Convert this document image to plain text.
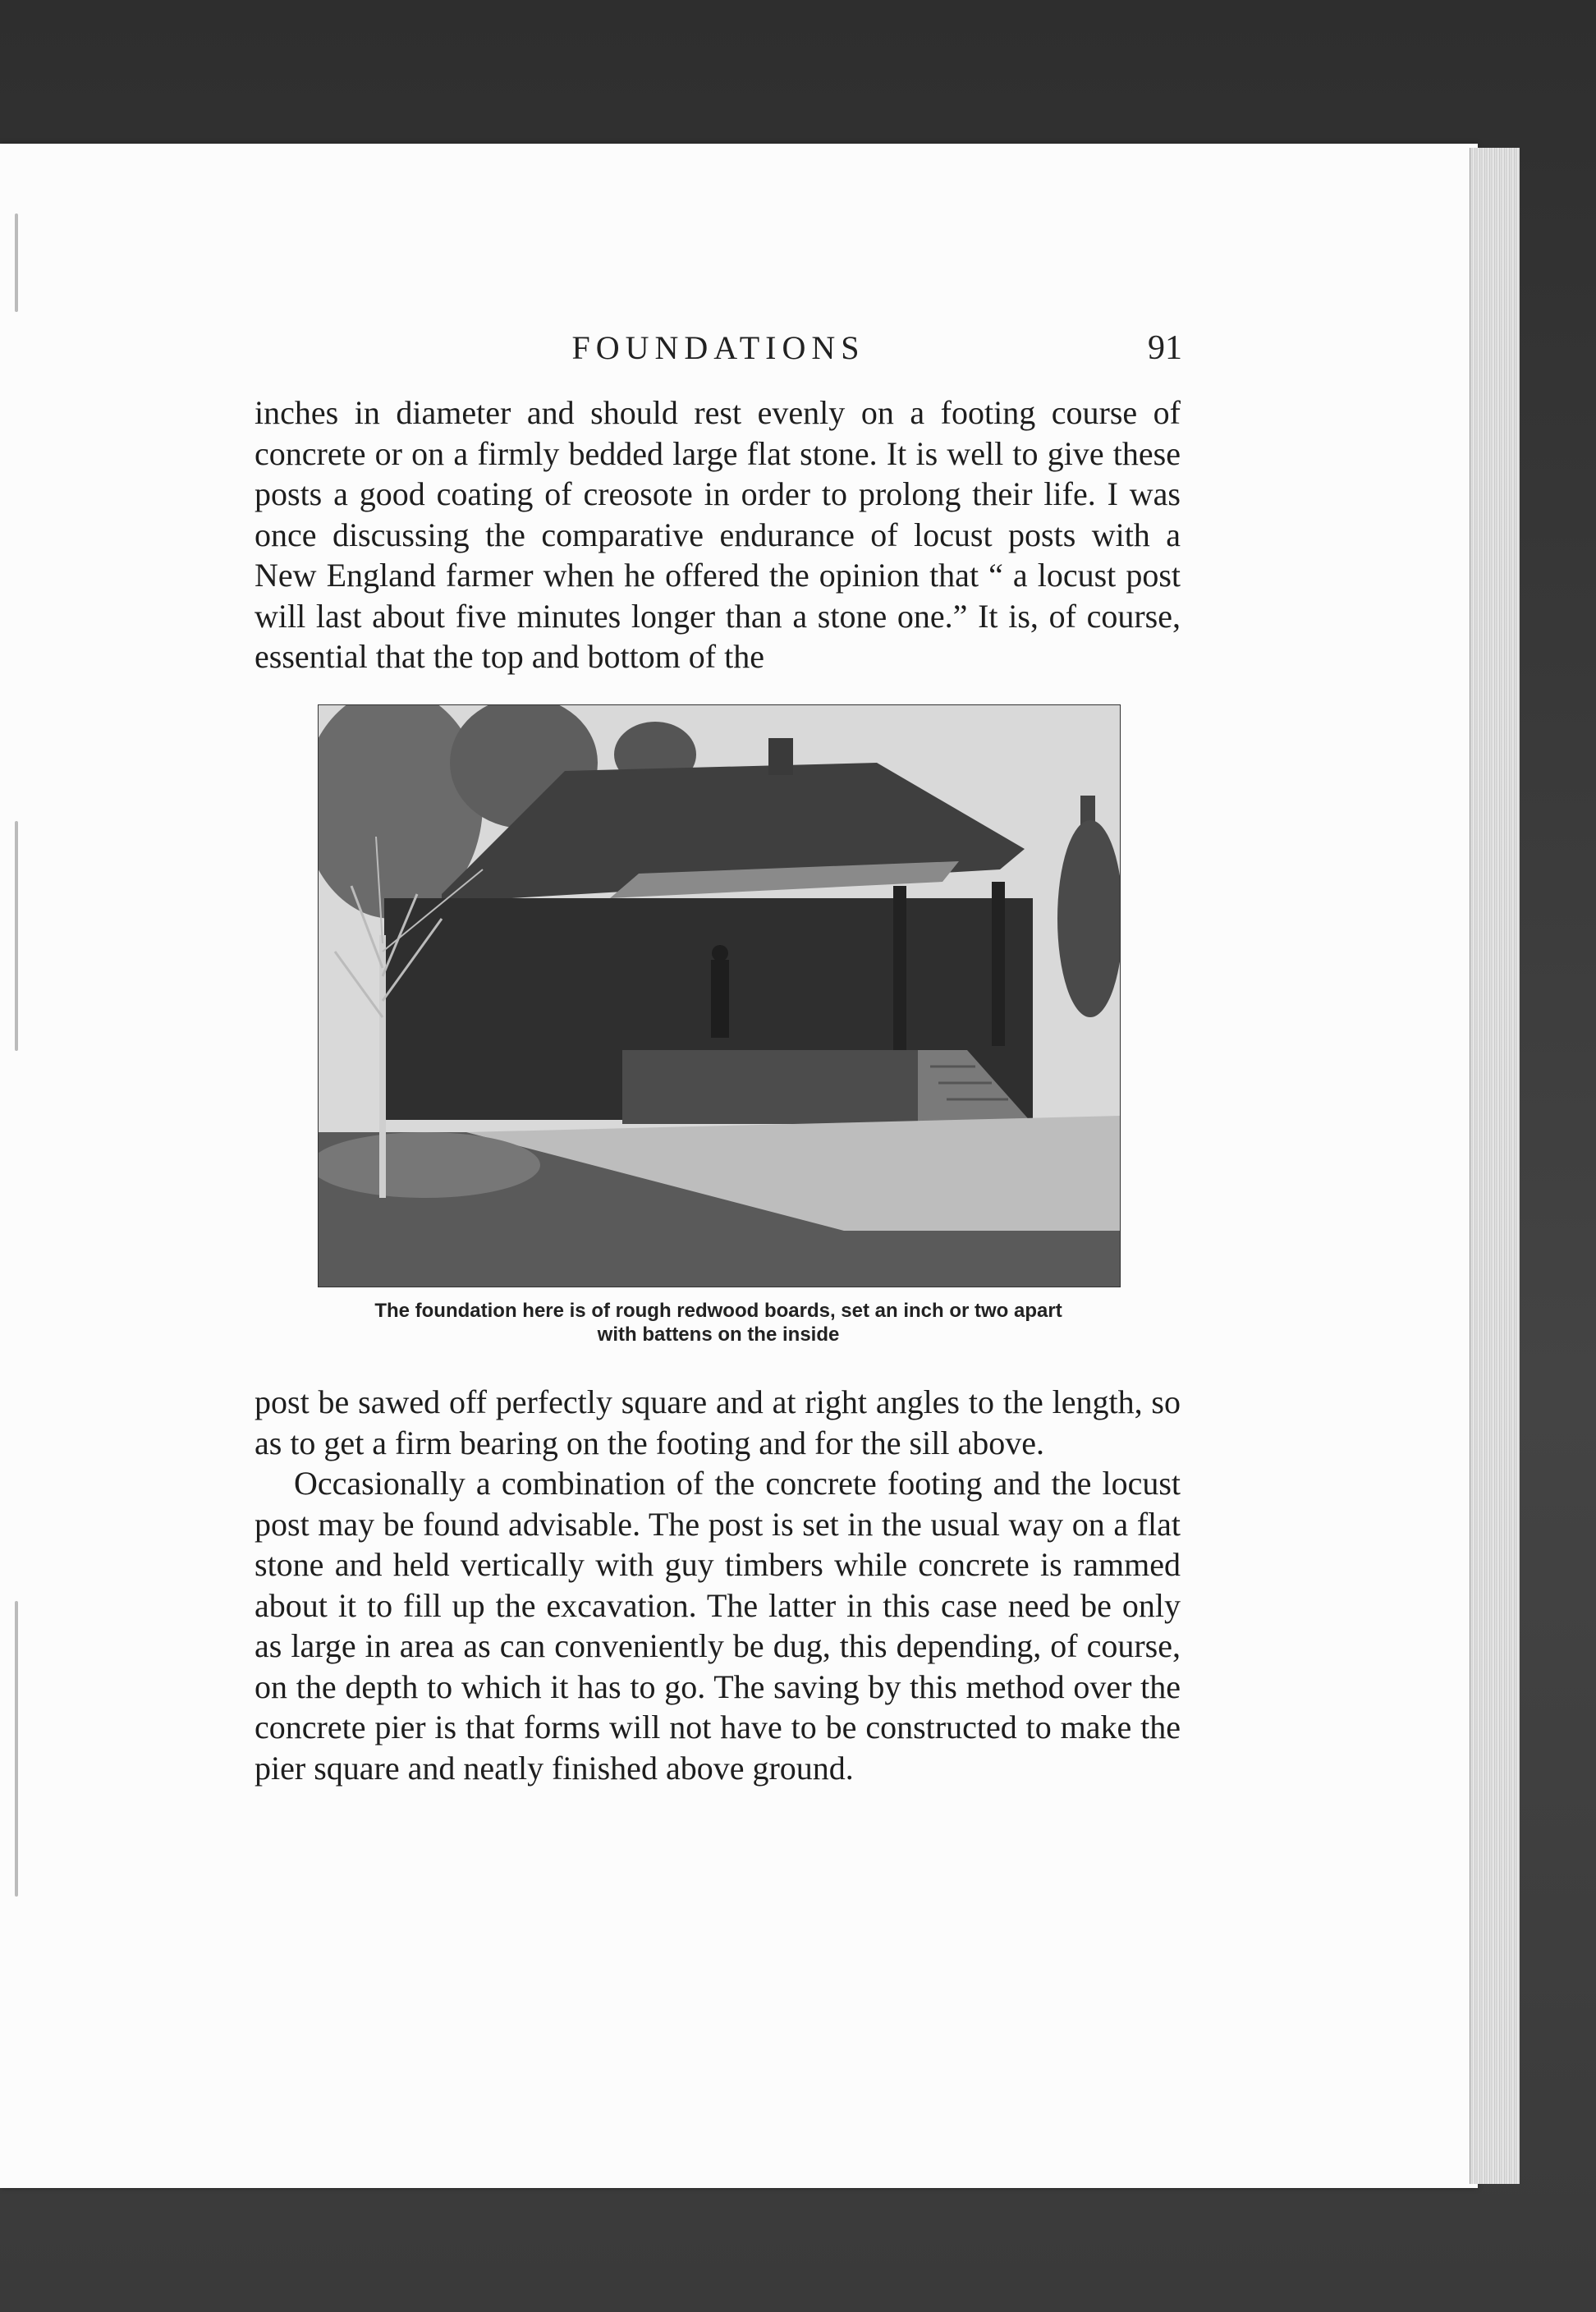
FOUNDATIONS	91

inches in diameter and should rest evenly on a footing course of concrete or on a firmly bedded large flat stone. It is well to give these posts a good coating of creosote in order to prolong their life. I was once discussing the comparative endurance of locust posts with a New England farmer when he offered the opinion that “ a locust post will last about five minutes longer than a stone one.” It is, of course, essential that the top and bottom of the

The foundation here is of rough redwood boards, set an inch or two apart
with battens on the inside

post be sawed off perfectly square and at right angles to the length, so as to get a firm bearing on the footing and for the sill above.

Occasionally a combination of the concrete footing and the locust post may be found advisable. The post is set in the usual way on a flat stone and held vertically with guy timbers while concrete is rammed about it to fill up the excavation. The latter in this case need be only as large in area as can conveniently be dug, this depending, of course, on the depth to which it has to go. The saving by this method over the concrete pier is that forms will not have to be constructed to make the pier square and neatly finished above ground.
